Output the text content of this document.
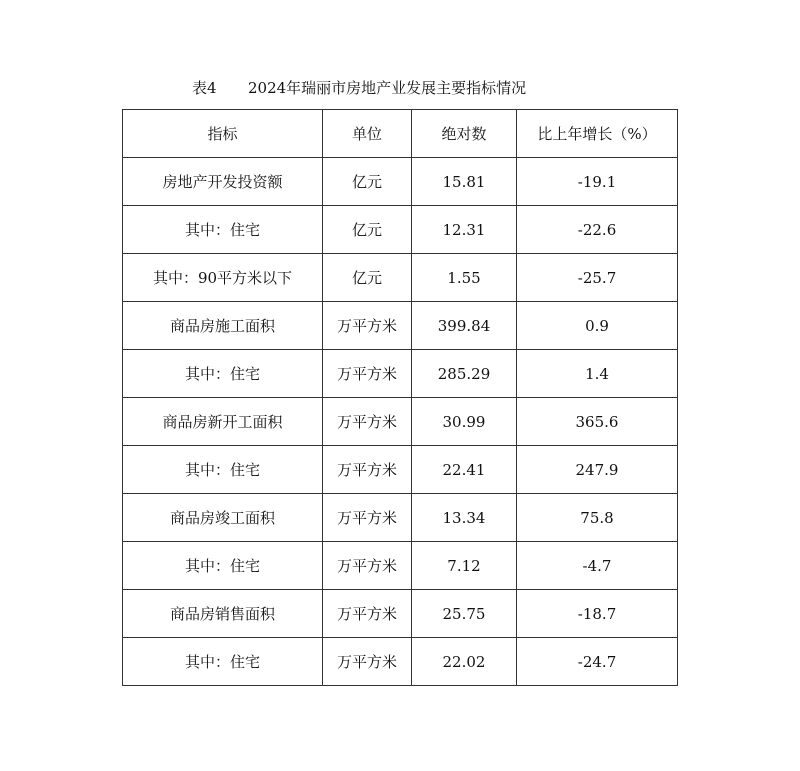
表4 2024年瑞丽市房地产业发展主要指标情况
指标	单位	绝对数	比上年增长（%）
房地产开发投资额	亿元	15.81	-19.1
其中：住宅	亿元	12.31	-22.6
其中：90平方米以下	亿元	1.55	-25.7
商品房施工面积	万平方米	399.84	0.9
其中：住宅	万平方米	285.29	1.4
商品房新开工面积	万平方米	30.99	365.6
其中：住宅	万平方米	22.41	247.9
商品房竣工面积	万平方米	13.34	75.8
其中：住宅	万平方米	7.12	-4.7
商品房销售面积	万平方米	25.75	-18.7
其中：住宅	万平方米	22.02	-24.7
